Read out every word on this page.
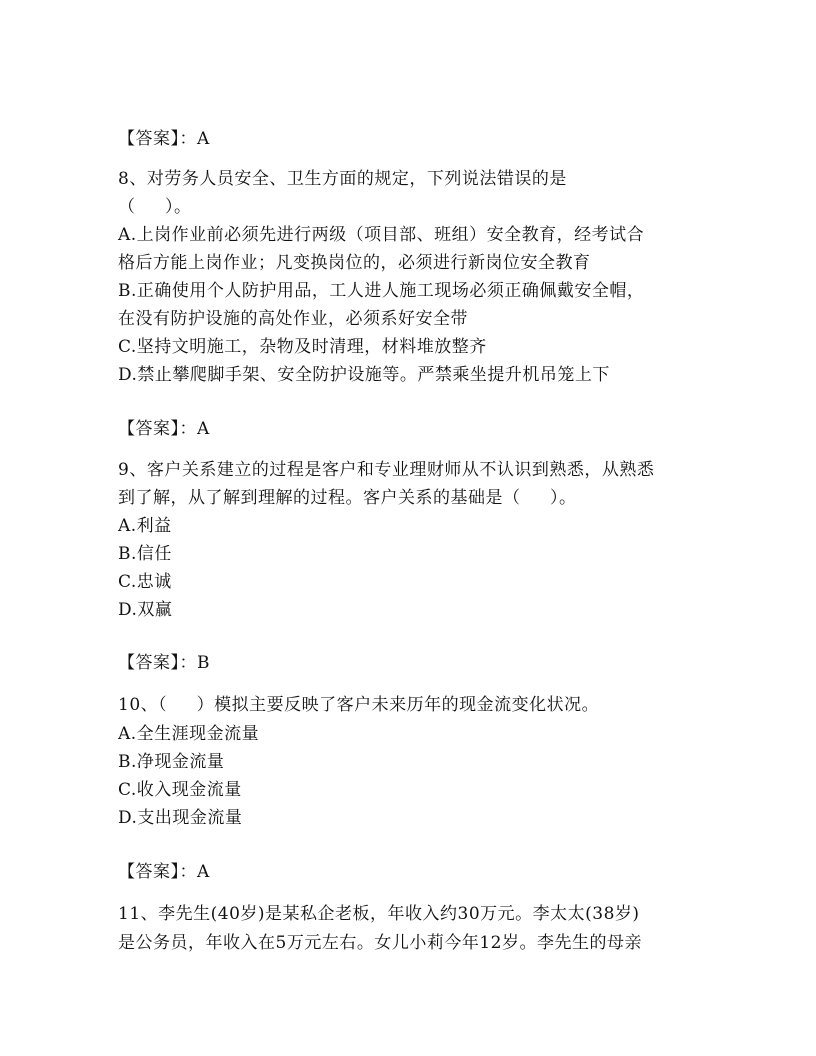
【答案】：A
8、对劳务人员安全、卫生方面的规定，下列说法错误的是
（     ）。
A.上岗作业前必须先进行两级（项目部、班组）安全教育，经考试合
格后方能上岗作业；凡变换岗位的，必须进行新岗位安全教育
B.正确使用个人防护用品，工人进人施工现场必须正确佩戴安全帽，
在没有防护设施的高处作业，必须系好安全带
C.坚持文明施工，杂物及时清理，材料堆放整齐
D.禁止攀爬脚手架、安全防护设施等。严禁乘坐提升机吊笼上下
【答案】：A
9、客户关系建立的过程是客户和专业理财师从不认识到熟悉，从熟悉
到了解，从了解到理解的过程。客户关系的基础是（     ）。
A.利益
B.信任
C.忠诚
D.双赢
【答案】：B
10、（     ）模拟主要反映了客户未来历年的现金流变化状况。
A.全生涯现金流量
B.净现金流量
C.收入现金流量
D.支出现金流量
【答案】：A
11、李先生(40岁)是某私企老板，年收入约30万元。李太太(38岁)
是公务员，年收入在5万元左右。女儿小莉今年12岁。李先生的母亲
